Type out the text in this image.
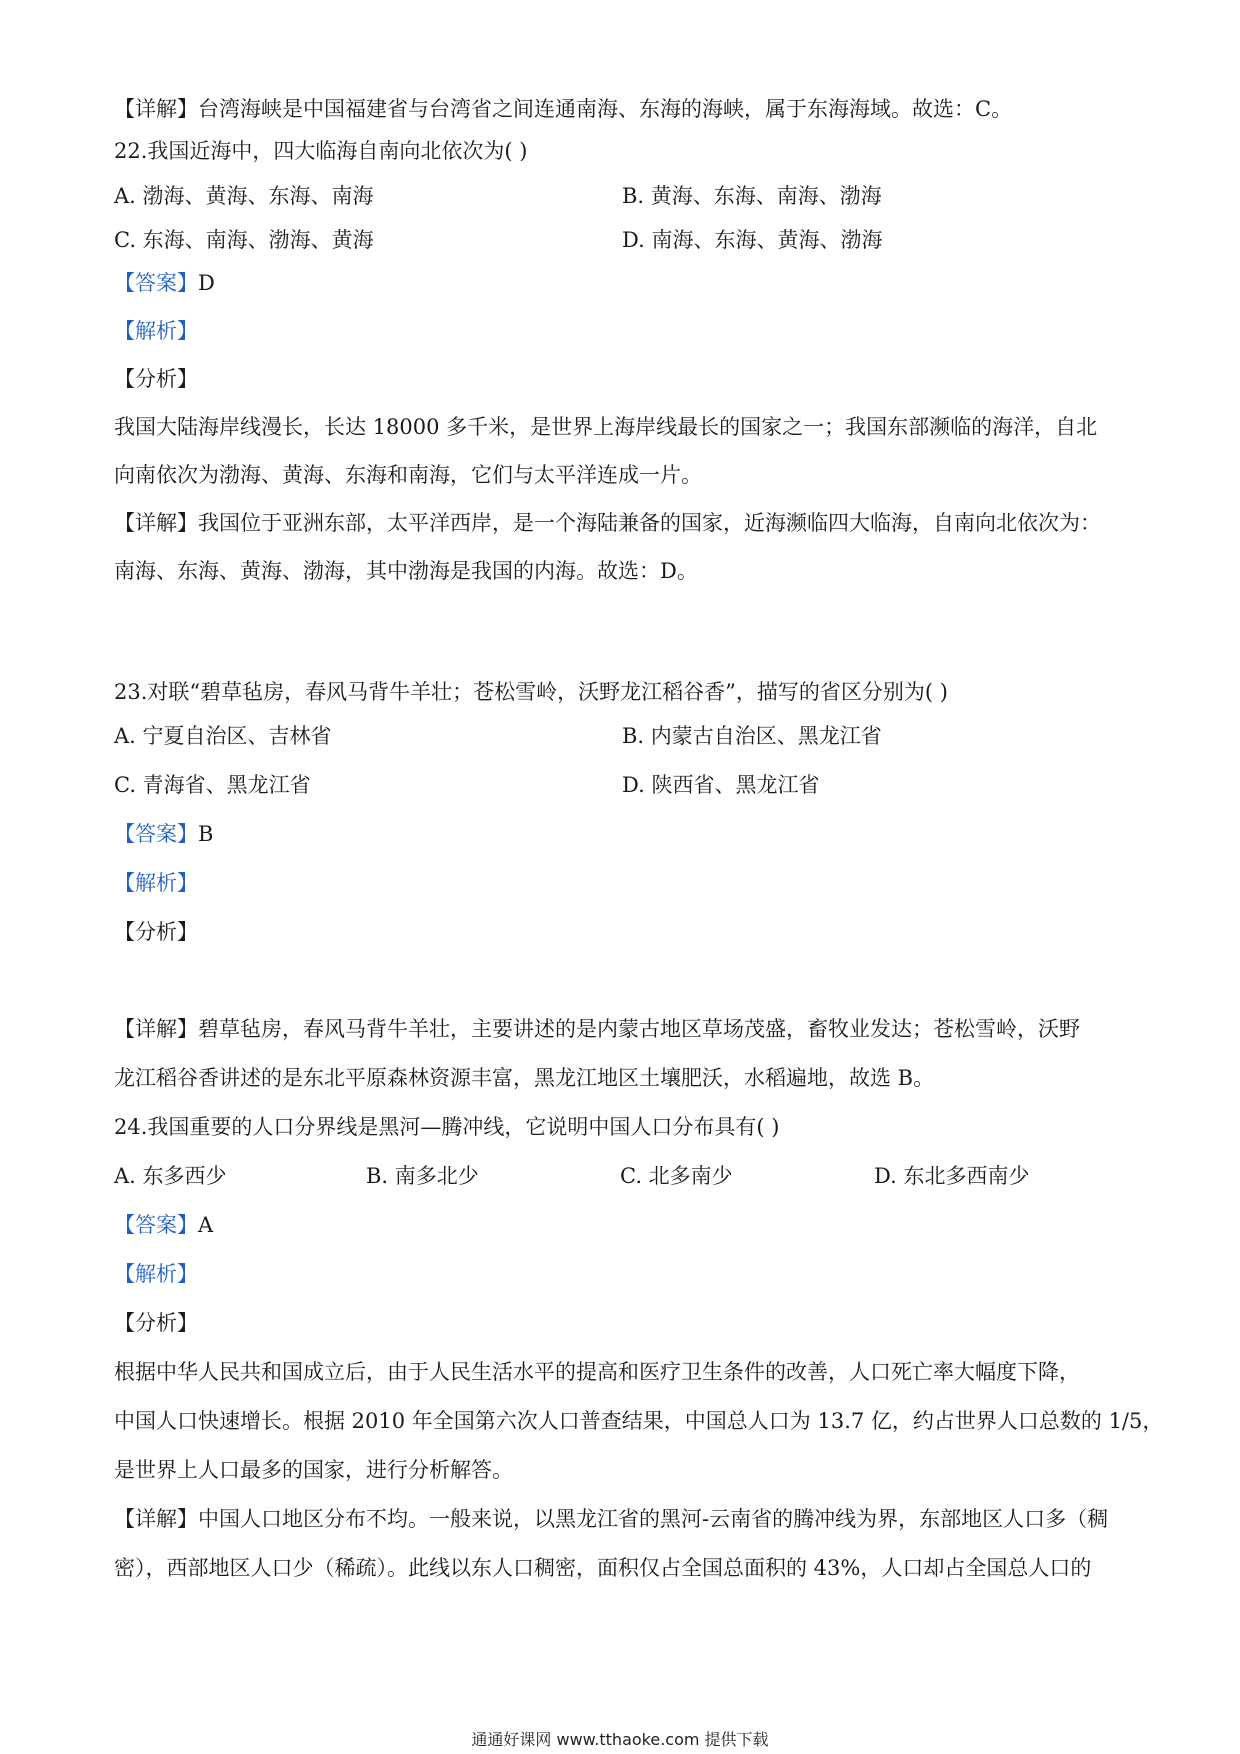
【详解】台湾海峡是中国福建省与台湾省之间连通南海、东海的海峡，属于东海海域。故选：C。
22.我国近海中，四大临海自南向北依次为( )
A. 渤海、黄海、东海、南海	B. 黄海、东海、南海、渤海
C. 东海、南海、渤海、黄海	D. 南海、东海、黄海、渤海
【答案】D
【解析】
【分析】
我国大陆海岸线漫长，长达 18000 多千米，是世界上海岸线最长的国家之一；我国东部濒临的海洋，自北
向南依次为渤海、黄海、东海和南海，它们与太平洋连成一片。
【详解】我国位于亚洲东部，太平洋西岸，是一个海陆兼备的国家，近海濒临四大临海，自南向北依次为：
南海、东海、黄海、渤海，其中渤海是我国的内海。故选：D。
23.对联“碧草毡房，春风马背牛羊壮；苍松雪岭，沃野龙江稻谷香”，描写的省区分别为( )
A. 宁夏自治区、吉林省	B. 内蒙古自治区、黑龙江省
C. 青海省、黑龙江省	D. 陕西省、黑龙江省
【答案】B
【解析】
【分析】
【详解】碧草毡房，春风马背牛羊壮，主要讲述的是内蒙古地区草场茂盛，畜牧业发达；苍松雪岭，沃野
龙江稻谷香讲述的是东北平原森林资源丰富，黑龙江地区土壤肥沃，水稻遍地，故选 B。
24.我国重要的人口分界线是黑河—腾冲线，它说明中国人口分布具有( )
A. 东多西少	B. 南多北少	C. 北多南少	D. 东北多西南少
【答案】A
【解析】
【分析】
根据中华人民共和国成立后，由于人民生活水平的提高和医疗卫生条件的改善，人口死亡率大幅度下降，
中国人口快速增长。根据 2010 年全国第六次人口普查结果，中国总人口为 13.7 亿，约占世界人口总数的 1/5，
是世界上人口最多的国家，进行分析解答。
【详解】中国人口地区分布不均。一般来说，以黑龙江省的黑河-云南省的腾冲线为界，东部地区人口多（稠
密），西部地区人口少（稀疏）。此线以东人口稠密，面积仅占全国总面积的 43%，人口却占全国总人口的
通通好课网 www.tthaoke.com 提供下载
